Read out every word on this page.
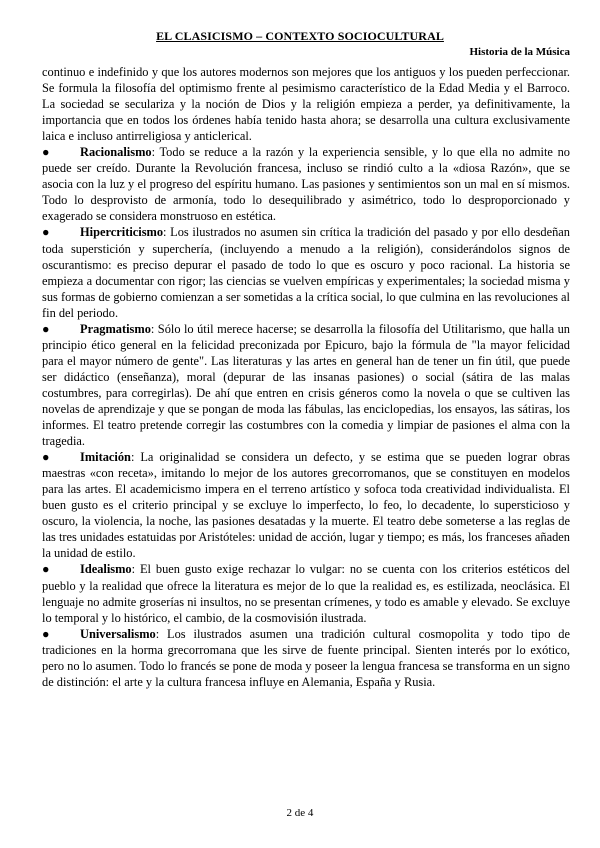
EL CLASICISMO – CONTEXTO SOCIOCULTURAL
Historia de la Música

continuo e indefinido y que los autores modernos son mejores que los antiguos y los pueden perfeccionar. Se formula la filosofía del optimismo frente al pesimismo característico de la Edad Media y el Barroco. La sociedad se seculariza y la noción de Dios y la religión empieza a perder, ya definitivamente, la importancia que en todos los órdenes había tenido hasta ahora; se desarrolla una cultura exclusivamente laica e incluso antirreligiosa y anticlerical.

● Racionalismo: Todo se reduce a la razón y la experiencia sensible, y lo que ella no admite no puede ser creído. Durante la Revolución francesa, incluso se rindió culto a la «diosa Razón», que se asocia con la luz y el progreso del espíritu humano. Las pasiones y sentimientos son un mal en sí mismos. Todo lo desprovisto de armonía, todo lo desequilibrado y asimétrico, todo lo desproporcionado y exagerado se considera monstruoso en estética.

● Hipercriticismo: Los ilustrados no asumen sin crítica la tradición del pasado y por ello desdeñan toda superstición y superchería, (incluyendo a menudo a la religión), considerándolos signos de oscurantismo: es preciso depurar el pasado de todo lo que es oscuro y poco racional. La historia se empieza a documentar con rigor; las ciencias se vuelven empíricas y experimentales; la sociedad misma y sus formas de gobierno comienzan a ser sometidas a la crítica social, lo que culmina en las revoluciones al fin del periodo.

● Pragmatismo: Sólo lo útil merece hacerse; se desarrolla la filosofía del Utilitarismo, que halla un principio ético general en la felicidad preconizada por Epicuro, bajo la fórmula de "la mayor felicidad para el mayor número de gente". Las literaturas y las artes en general han de tener un fin útil, que puede ser didáctico (enseñanza), moral (depurar de las insanas pasiones) o social (sátira de las malas costumbres, para corregirlas). De ahí que entren en crisis géneros como la novela o que se cultiven las novelas de aprendizaje y que se pongan de moda las fábulas, las enciclopedias, los ensayos, las sátiras, los informes. El teatro pretende corregir las costumbres con la comedia y limpiar de pasiones el alma con la tragedia.

● Imitación: La originalidad se considera un defecto, y se estima que se pueden lograr obras maestras «con receta», imitando lo mejor de los autores grecorromanos, que se constituyen en modelos para las artes. El academicismo impera en el terreno artístico y sofoca toda creatividad individualista. El buen gusto es el criterio principal y se excluye lo imperfecto, lo feo, lo decadente, lo supersticioso y oscuro, la violencia, la noche, las pasiones desatadas y la muerte. El teatro debe someterse a las reglas de las tres unidades estatuidas por Aristóteles: unidad de acción, lugar y tiempo; es más, los franceses añaden la unidad de estilo.

● Idealismo: El buen gusto exige rechazar lo vulgar: no se cuenta con los criterios estéticos del pueblo y la realidad que ofrece la literatura es mejor de lo que la realidad es, es estilizada, neoclásica. El lenguaje no admite groserías ni insultos, no se presentan crímenes, y todo es amable y elevado. Se excluye lo temporal y lo histórico, el cambio, de la cosmovisión ilustrada.

● Universalismo: Los ilustrados asumen una tradición cultural cosmopolita y todo tipo de tradiciones en la horma grecorromana que les sirve de fuente principal. Sienten interés por lo exótico, pero no lo asumen. Todo lo francés se pone de moda y poseer la lengua francesa se transforma en un signo de distinción: el arte y la cultura francesa influye en Alemania, España y Rusia.

2 de 4
